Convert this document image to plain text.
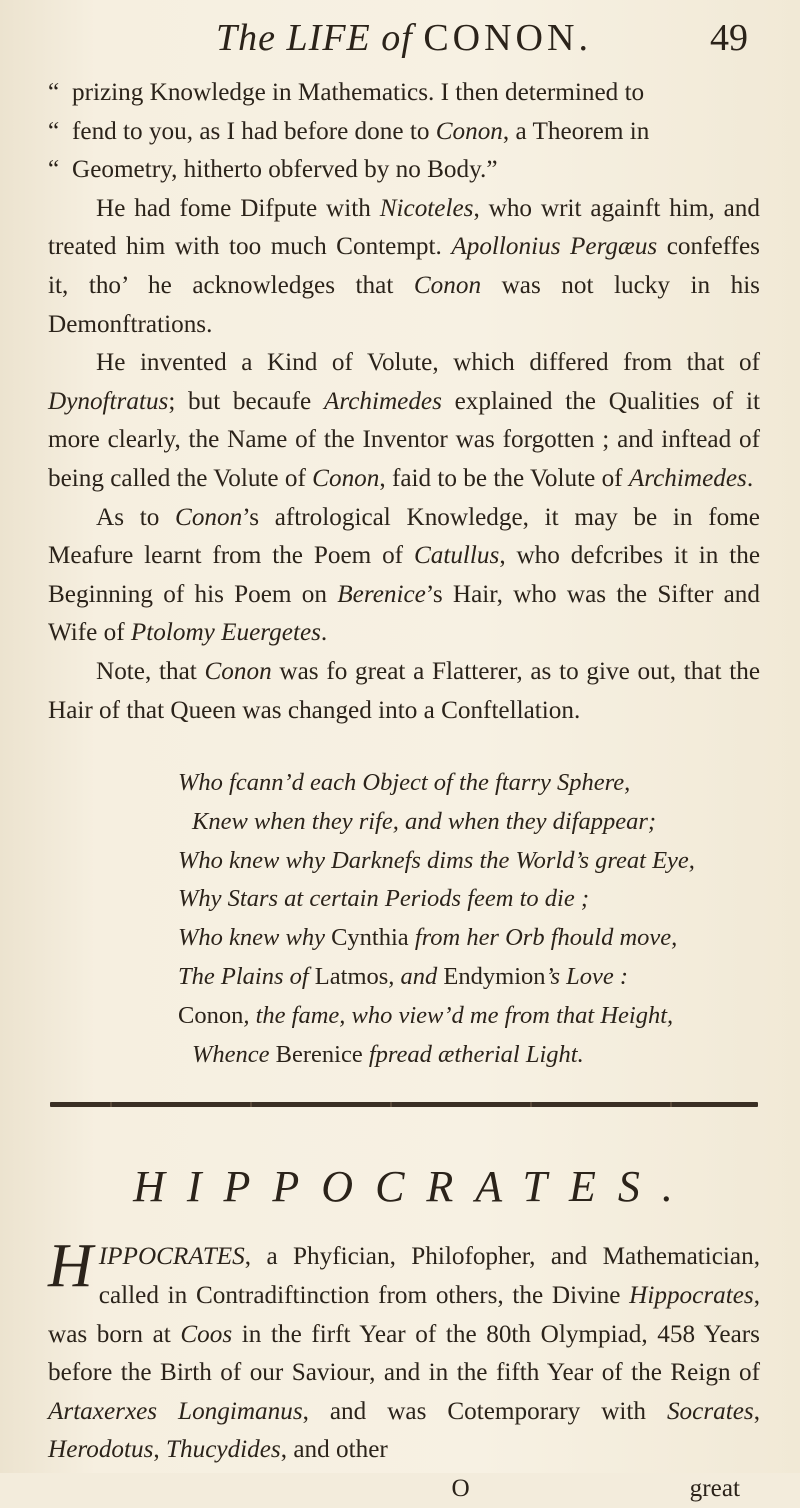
The LIFE of CONON.	49

“ prizing Knowledge in Mathematics. I then determined to
“ fend to you, as I had before done to Conon, a Theorem in
“ Geometry, hitherto obferved by no Body.”

He had fome Difpute with Nicoteles, who writ againft him, and treated him with too much Contempt. Apollonius Pergæus confeffes it, tho’ he acknowledges that Conon was not lucky in his Demonftrations.

He invented a Kind of Volute, which differed from that of Dynoftratus; but becaufe Archimedes explained the Qualities of it more clearly, the Name of the Inventor was forgotten ; and inftead of being called the Volute of Conon, faid to be the Volute of Archimedes.

As to Conon’s aftrological Knowledge, it may be in fome Meafure learnt from the Poem of Catullus, who defcribes it in the Beginning of his Poem on Berenice’s Hair, who was the Sifter and Wife of Ptolomy Euergetes.

Note, that Conon was fo great a Flatterer, as to give out, that the Hair of that Queen was changed into a Conftellation.

Who fcann’d each Object of the ftarry Sphere,
Knew when they rife, and when they difappear;
Who knew why Darknefs dims the World’s great Eye,
Why Stars at certain Periods feem to die ;
Who knew why Cynthia from her Orb fhould move,
The Plains of Latmos, and Endymion’s Love :
Conon, the fame, who view’d me from that Height,
Whence Berenice fpread ætherial Light.
HIPPOCRATES.
H IPPOCRATES, a Phyfician, Philofopher, and Mathematician, called in Contradiftinction from others, the Divine Hippocrates, was born at Coos in the firft Year of the 80th Olympiad, 458 Years before the Birth of our Saviour, and in the fifth Year of the Reign of Artaxerxes Longimanus, and was Cotemporary with Socrates, Herodotus, Thucydides, and other

O	great
